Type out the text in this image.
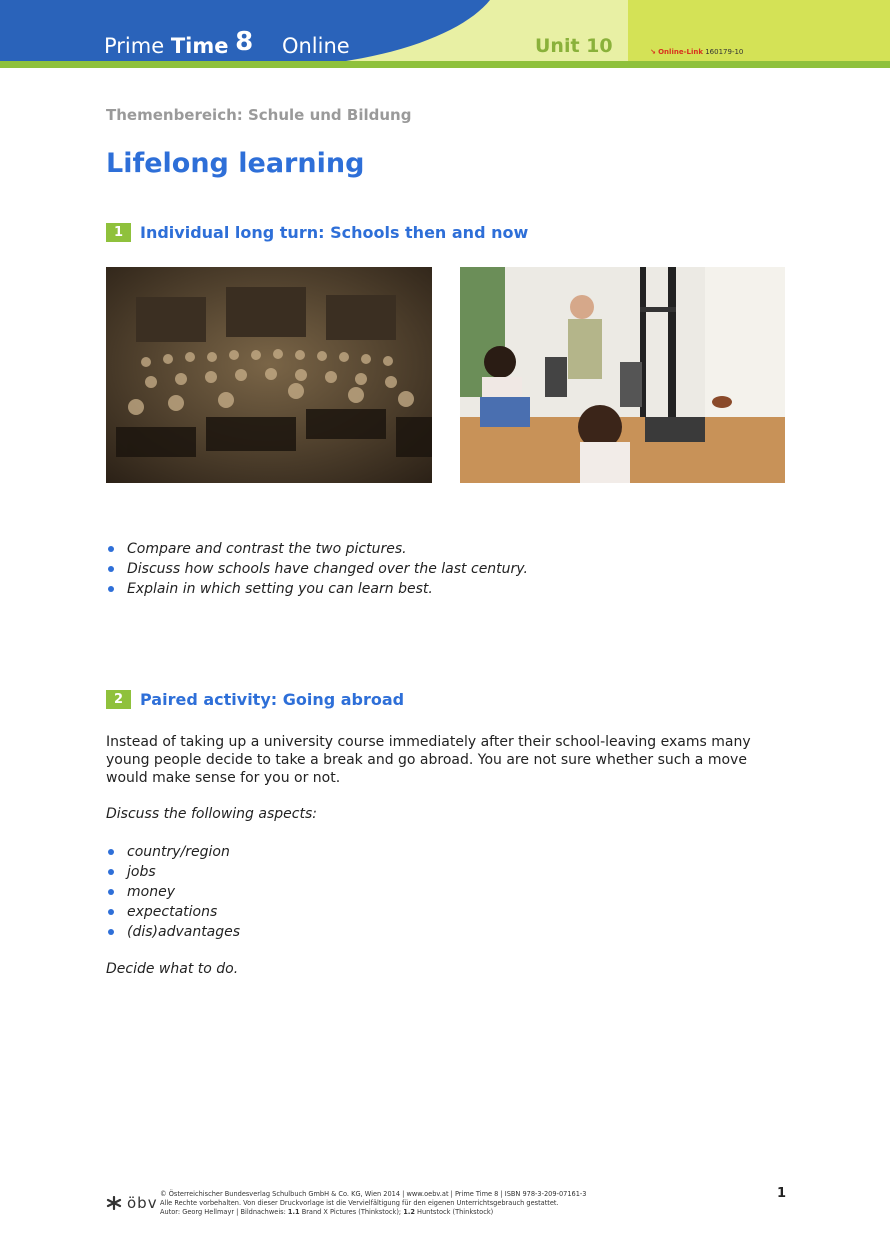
Prime Time 8 Online	Unit 10	↘ Online-Link 160179-10
Themenbereich: Schule und Bildung
Lifelong learning
1	Individual long turn: Schools then and now
Compare and contrast the two pictures.
Discuss how schools have changed over the last century.
Explain in which setting you can learn best.
2	Paired activity: Going abroad
Instead of taking up a university course immediately after their school-leaving exams many young people decide to take a break and go abroad. You are not sure whether such a move would make sense for you or not.
Discuss the following aspects:
country/region
jobs
money
expectations
(dis)advantages
Decide what to do.
öbv © Österreichischer Bundesverlag Schulbuch GmbH & Co. KG, Wien 2014 | www.oebv.at | Prime Time 8 | ISBN 978-3-209-07161-3
Alle Rechte vorbehalten. Von dieser Druckvorlage ist die Vervielfältigung für den eigenen Unterrichtsgebrauch gestattet.
Autor: Georg Hellmayr | Bildnachweis: 1.1 Brand X Pictures (Thinkstock); 1.2 Huntstock (Thinkstock)
1
